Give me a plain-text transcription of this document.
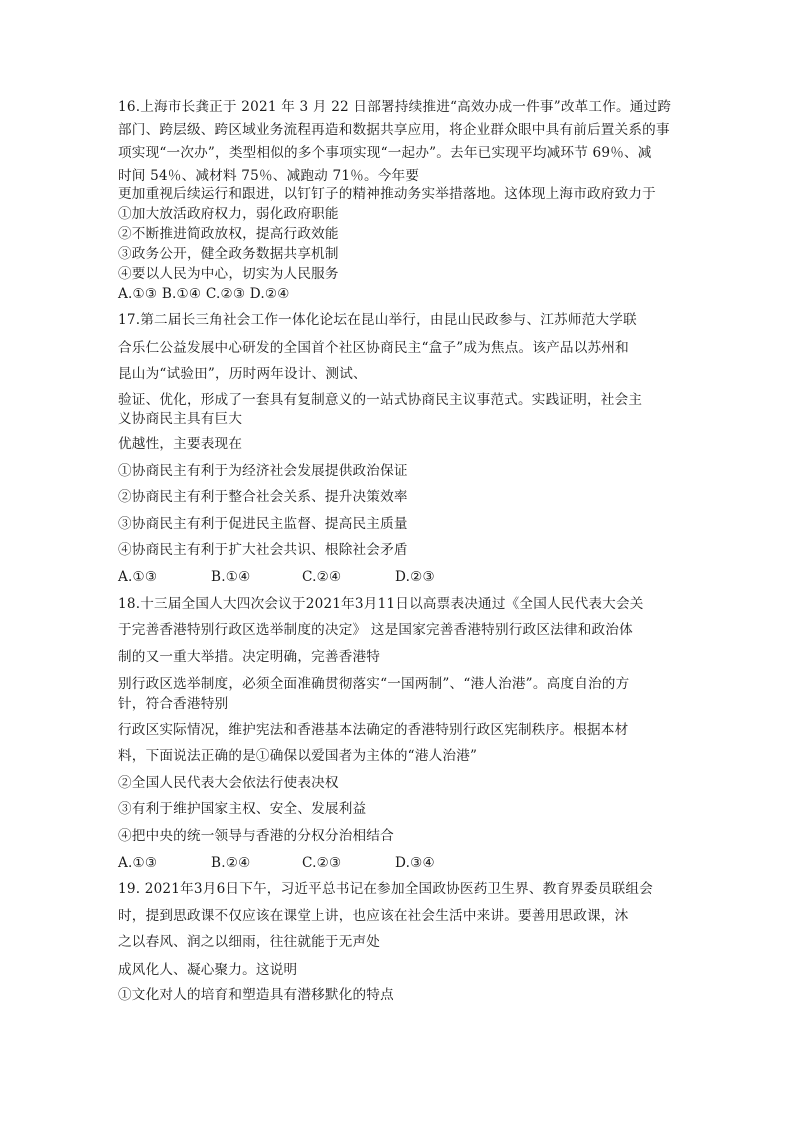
16.上海市长龚正于 2021 年 3 月 22 日部署持续推进“高效办成一件事”改革工作。通过跨
部门、跨层级、跨区域业务流程再造和数据共享应用，将企业群众眼中具有前后置关系的事
项实现“一次办”，类型相似的多个事项实现“一起办”。去年已实现平均减环节 69％、减
时间 54％、减材料 75％、减跑动 71％。今年要
更加重视后续运行和跟进，以钉钉子的精神推动务实举措落地。这体现上海市政府致力于
①加大放活政府权力，弱化政府职能
②不断推进简政放权，提高行政效能
③政务公开，健全政务数据共享机制
④要以人民为中心，切实为人民服务
A.①③ B.①④ C.②③ D.②④
17.第二届长三角社会工作一体化论坛在昆山举行，由昆山民政参与、江苏师范大学联
合乐仁公益发展中心研发的全国首个社区协商民主“盒子”成为焦点。该产品以苏州和
昆山为“试验田”，历时两年设计、测试、
验证、优化，形成了一套具有复制意义的一站式协商民主议事范式。实践证明，社会主
义协商民主具有巨大
优越性，主要表现在
①协商民主有利于为经济社会发展提供政治保证
②协商民主有利于整合社会关系、提升决策效率
③协商民主有利于促进民主监督、提高民主质量
④协商民主有利于扩大社会共识、根除社会矛盾
A.①③	B.①④	C.②④	D.②③
18.十三届全国人大四次会议于2021年3月11日以高票表决通过《全国人民代表大会关
于完善香港特别行政区选举制度的决定》 这是国家完善香港特别行政区法律和政治体
制的又一重大举措。决定明确，完善香港特
别行政区选举制度，必须全面准确贯彻落实“一国两制”、“港人治港”。高度自治的方
针，符合香港特别
行政区实际情况，维护宪法和香港基本法确定的香港特别行政区宪制秩序。根据本材
料，下面说法正确的是①确保以爱国者为主体的“港人治港”
②全国人民代表大会依法行使表决权
③有利于维护国家主权、安全、发展利益
④把中央的统一领导与香港的分权分治相结合
A.①③	B.②④	C.②③	D.③④
19. 2021年3月6日下午，习近平总书记在参加全国政协医药卫生界、教育界委员联组会
时，提到思政课不仅应该在课堂上讲，也应该在社会生活中来讲。要善用思政课，沐
之以春风、润之以细雨，往往就能于无声处
成风化人、凝心聚力。这说明
①文化对人的培育和塑造具有潜移默化的特点
